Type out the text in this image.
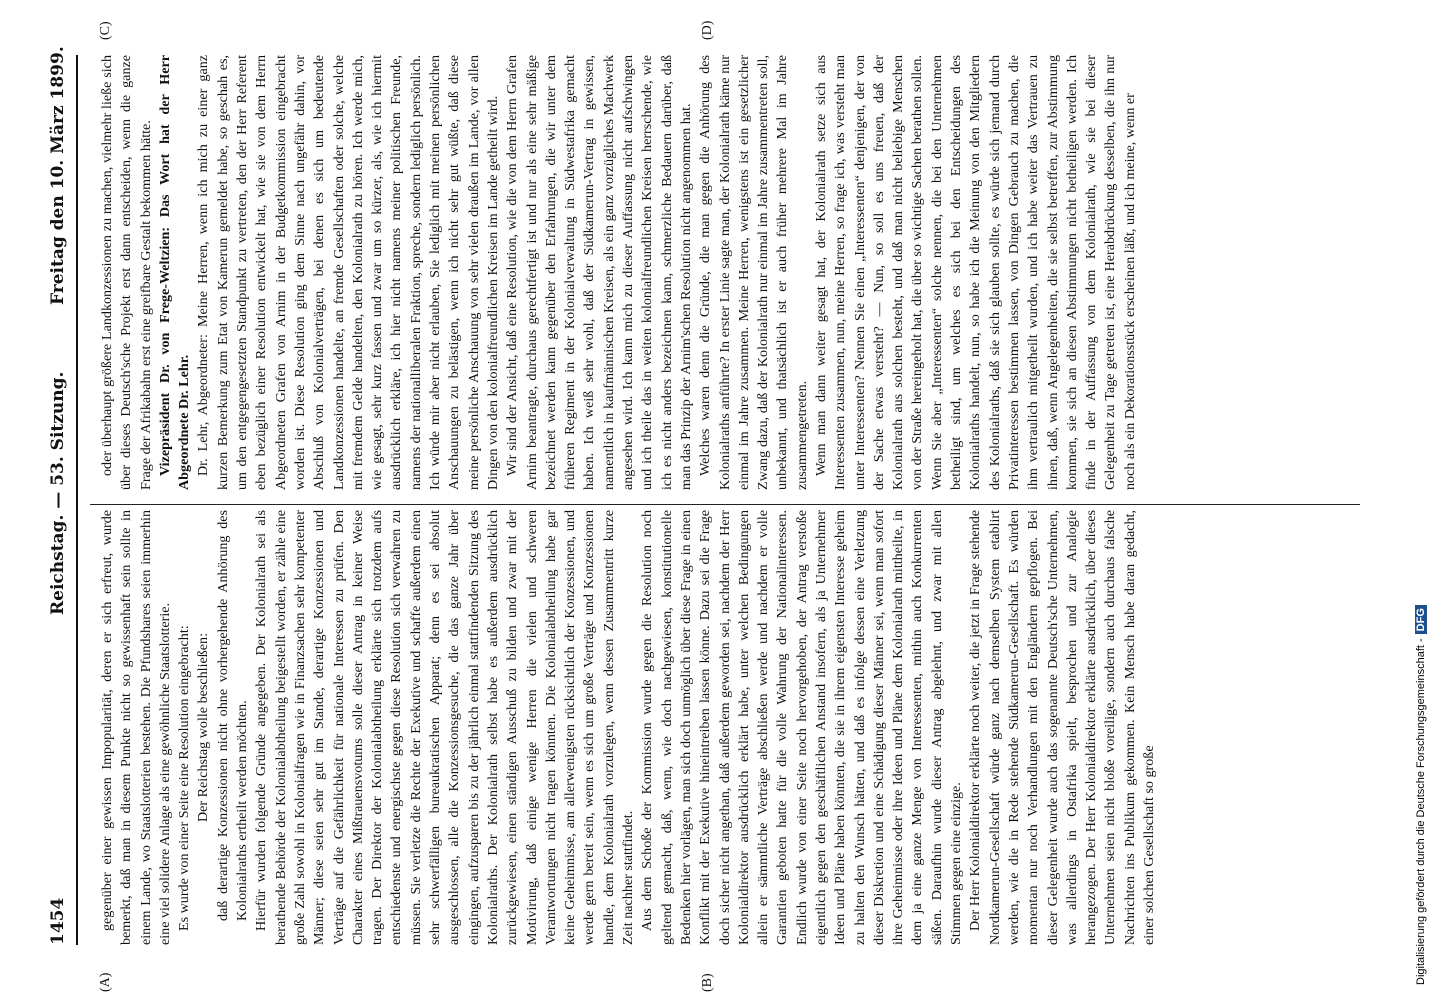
1454
Reichstag. — 53. Sitzung.
Freitag den 10. März 1899.
(A)	(B)
(C)	(D)

gegenüber einer gewissen Impopularität, deren er sich erfreut, wurde bemerkt, daß man in diesem Punkte nicht so gewissenhaft sein sollte in einem Lande, wo Staatslotterien bestehen. Die Pfundshares seien immerhin eine viel solidere Anlage als eine gewöhnliche Staatslotterie. Es wurde von einer Seite eine Resolution eingebracht: Der Reichstag wolle beschließen: daß derartige Konzessionen nicht ohne vorhergehende Anhörung des Kolonialraths ertheilt werden möchten. Hierfür wurden folgende Gründe angegeben. Der Kolonialrath sei als berathende Behörde der Kolonialabtheilung beigestellt worden, er zähle eine große Zahl sowohl in Kolonialfragen wie in Finanzsachen sehr kompetenter Männer; diese seien sehr gut im Stande, derartige Konzessionen und Verträge auf die Gefährlichkeit für nationale Interessen zu prüfen. Den Charakter eines Mißtrauensvotums solle dieser Antrag in keiner Weise tragen. Der Direktor der Kolonialabtheilung erklärte sich trotzdem aufs entschiedenste und energischste gegen diese Resolution sich verwahren zu müssen. Sie verletze die Rechte der Exekutive und schaffe außerdem einen sehr schwerfälligen bureaukratischen Apparat; denn es sei absolut ausgeschlossen, alle die Konzessionsgesuche, die das ganze Jahr über eingingen, aufzusparen bis zu der jährlich einmal stattfindenden Sitzung des Kolonialraths. Der Kolonialrath selbst habe es außerdem ausdrücklich zurückgewiesen, einen ständigen Ausschuß zu bilden und zwar mit der Motivirung, daß einige wenige Herren die vielen und schweren Verantwortungen nicht tragen könnten. Die Kolonialabtheilung habe gar keine Geheimnisse, am allerwenigsten rücksichtlich der Konzessionen, und werde gern bereit sein, wenn es sich um große Verträge und Konzessionen handle, dem Kolonialrath vorzulegen, wenn dessen Zusammentritt kurze Zeit nachher stattfindet. Aus dem Schoße der Kommission wurde gegen die Resolution noch geltend gemacht, daß, wenn, wie doch nachgewiesen, konstitutionelle Bedenken hier vorlägen, man sich doch unmöglich über diese Frage in einen Konflikt mit der Exekutive hineintreiben lassen könne. Dazu sei die Frage doch sicher nicht angethan, daß außerdem geworden sei, nachdem der Herr Kolonialdirektor ausdrücklich erklärt habe, unter welchen Bedingungen allein er sämmtliche Verträge abschließen werde und nachdem er volle Garantien geboten hatte für die volle Wahrung der Nationalinteressen. Endlich wurde von einer Seite noch hervorgehoben, der Antrag verstoße eigentlich gegen den geschäftlichen Anstand insofern, als ja Unternehmer Ideen und Pläne haben könnten, die sie in ihrem eigensten Interesse geheim zu halten den Wunsch hätten, und daß es infolge dessen eine Verletzung dieser Diskretion und eine Schädigung dieser Männer sei, wenn man sofort ihre Geheimnisse oder ihre Ideen und Pläne dem Kolonialrath mittheilte, in dem ja eine ganze Menge von Interessenten, mithin auch Konkurrenten säßen. Daraufhin wurde dieser Antrag abgelehnt, und zwar mit allen Stimmen gegen eine einzige. Der Herr Kolonialdirektor erklärte noch weiter, die jetzt in Frage stehende Nordkamerun-Gesellschaft würde ganz nach demselben System etablirt werden, wie die in Rede stehende Südkamerun-Gesellschaft. Es würden momentan nur noch Verhandlungen mit den Engländern gepflogen. Bei dieser Gelegenheit wurde auch das sogenannte Deutsch'sche Unternehmen, was allerdings in Ostafrika spielt, besprochen und zur Analogie herangezogen. Der Herr Kolonialdirektor erklärte ausdrücklich, über dieses Unternehmen seien nicht bloße voreilige, sondern auch durchaus falsche Nachrichten ins Publikum gekommen. Kein Mensch habe daran gedacht, einer solchen Gesellschaft so große

oder überhaupt größere Landkonzessionen zu machen, vielmehr ließe sich über dieses Deutsch'sche Projekt erst dann entscheiden, wenn die ganze Frage der Afrikabahn erst eine greifbare Gestalt bekommen hätte. Vizepräsident Dr. von Frege-Weltzien: Das Wort hat der Herr Abgeordnete Dr. Lehr. Dr. Lehr, Abgeordneter: Meine Herren, wenn ich mich zu einer ganz kurzen Bemerkung zum Etat von Kamerun gemeldet habe, so geschah es, um den entgegengesetzten Standpunkt zu vertreten, den der Herr Referent eben bezüglich einer Resolution entwickelt hat, wie sie von dem Herrn Abgeordneten Grafen von Arnim in der Budgetkommission eingebracht worden ist. Diese Resolution ging dem Sinne nach ungefähr dahin, vor Abschluß von Kolonialverträgen, bei denen es sich um bedeutende Landkonzessionen handelte, an fremde Gesellschaften oder solche, welche mit fremdem Gelde handelten, den Kolonialrath zu hören. Ich werde mich, wie gesagt, sehr kurz fassen und zwar um so kürzer, als, wie ich hiermit ausdrücklich erkläre, ich hier nicht namens meiner politischen Freunde, namens der nationalliberalen Fraktion, spreche, sondern lediglich persönlich. Ich würde mir aber nicht erlauben, Sie lediglich mit meinen persönlichen Anschauungen zu belästigen, wenn ich nicht sehr gut wüßte, daß diese meine persönliche Anschauung von sehr vielen draußen im Lande, vor allen Dingen von den kolonialfreundlichen Kreisen im Lande getheilt wird. Wir sind der Ansicht, daß eine Resolution, wie die von dem Herrn Grafen Arnim beantragte, durchaus gerechtfertigt ist und nur als eine sehr mäßige bezeichnet werden kann gegenüber den Erfahrungen, die wir unter dem früheren Regiment in der Kolonialverwaltung in Südwestafrika gemacht haben. Ich weiß sehr wohl, daß der Südkamerun-Vertrag in gewissen, namentlich in kaufmännischen Kreisen, als ein ganz vorzügliches Machwerk angesehen wird. Ich kann mich zu dieser Auffassung nicht aufschwingen und ich theile das in weiten kolonialfreundlichen Kreisen herrschende, wie ich es nicht anders bezeichnen kann, schmerzliche Bedauern darüber, daß man das Prinzip der Arnim'schen Resolution nicht angenommen hat. Welches waren denn die Gründe, die man gegen die Anhörung des Kolonialraths anführte? In erster Linie sagte man, der Kolonialrath käme nur einmal im Jahre zusammen. Meine Herren, wenigstens ist ein gesetzlicher Zwang dazu, daß der Kolonialrath nur einmal im Jahre zusammentreten soll, unbekannt, und thatsächlich ist er auch früher mehrere Mal im Jahre zusammengetreten. Wenn man dann weiter gesagt hat, der Kolonialrath setze sich aus Interessenten zusammen, nun, meine Herren, so frage ich, was versteht man unter Interessenten? Nennen Sie einen „Interessenten“ denjenigen, der von der Sache etwas versteht? — Nun, so soll es uns freuen, daß der Kolonialrath aus solchen besteht, und daß man nicht beliebige Menschen von der Straße hereingeholt hat, die über so wichtige Sachen berathen sollen. Wenn Sie aber „Interessenten“ solche nennen, die bei den Unternehmen betheiligt sind, um welches es sich bei den Entscheidungen des Kolonialraths handelt, nun, so habe ich die Meinung von den Mitgliedern des Kolonialraths, daß sie sich glauben sollte, es würde sich jemand durch Privatinteressen bestimmen lassen, von Dingen Gebrauch zu machen, die ihm vertraulich mitgetheilt wurden, und ich habe weiter das Vertrauen zu ihnen, daß, wenn Angelegenheiten, die sie selbst betreffen, zur Abstimmung kommen, sie sich an diesen Abstimmungen nicht betheiligen werden. Ich finde in der Auffassung von dem Kolonialrath, wie sie bei dieser Gelegenheit zu Tage getreten ist, eine Herabdrückung desselben, die ihn nur noch als ein Dekorationsstück erscheinen läßt, und ich meine, wenn er

Digitalisierung gefördert durch die Deutsche Forschungsgemeinschaft -DFG
